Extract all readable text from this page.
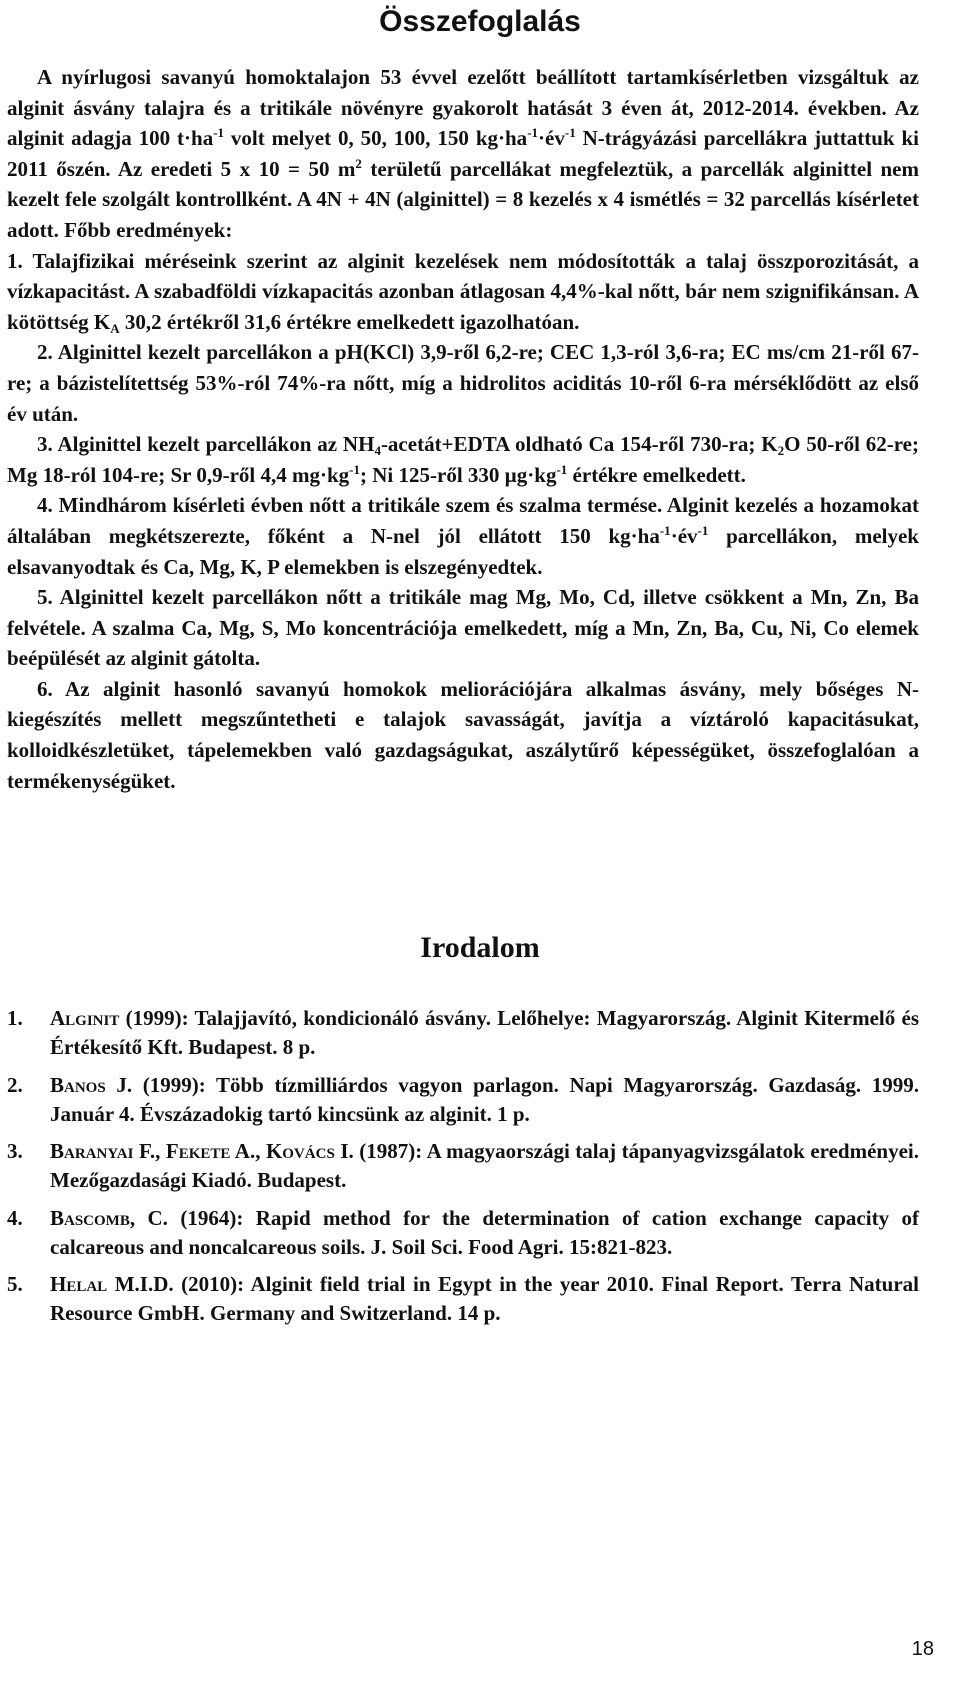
Összefoglalás

A nyírlugosi savanyú homoktalajon 53 évvel ezelőtt beállított tartamkísérletben vizsgáltuk az alginit ásvány talajra és a tritikále növényre gyakorolt hatását 3 éven át, 2012-2014. években. Az alginit adagja 100 $t\cdot ha^{-1}$ volt melyet 0, 50, 100, 150 $kg\cdot ha^{-1}\cdot év^{-1}$ N-trágyázási parcellákra juttattuk ki 2011 őszén. Az eredeti 5 x 10 = 50 $m^2$ területű parcellákat megfeleztük, a parcellák alginittel nem kezelt fele szolgált kontrollként. A 4N + 4N (alginittel) = 8 kezelés x 4 ismétlés = 32 parcellás kísérletet adott. Főbb eredmények:

1. Talajfizikai méréseink szerint az alginit kezelések nem módosították a talaj összporozitását, a vízkapacitást. A szabadföldi vízkapacitás azonban átlagosan 4,4%-kal nőtt, bár nem szignifikánsan. A kötöttség $K_A$ 30,2 értékről 31,6 értékre emelkedett igazolhatóan.

2. Alginittel kezelt parcellákon a pH(KCl) 3,9-ről 6,2-re; CEC 1,3-ról 3,6-ra; EC ms/cm 21-ről 67-re; a bázistelítettség 53%-ról 74%-ra nőtt, míg a hidrolitos aciditás 10-ről 6-ra mérséklődött az első év után.

3. Alginittel kezelt parcellákon az $NH_4-acetát+EDTA$ oldható Ca 154-ről 730-ra; $K_2O$ 50-ről 62-re; Mg 18-ról 104-re; Sr 0,9-ről 4,4 $mg\cdot kg^{-1}$; Ni 125-ről 330 $\mu g\cdot kg^{-1}$ értékre emelkedett.

4. Mindhárom kísérleti évben nőtt a tritikále szem és szalma termése. Alginit kezelés a hozamokat általában megkétszerezte, főként a N-nel jól ellátott 150 $kg\cdot ha^{-1}\cdot év^{-1}$ parcellákon, melyek elsavanyodtak és Ca, Mg, K, P elemekben is elszegényedtek.

5. Alginittel kezelt parcellákon nőtt a tritikále mag Mg, Mo, Cd, illetve csökkent a Mn, Zn, Ba felvétele. A szalma Ca, Mg, S, Mo koncentrációja emelkedett, míg a Mn, Zn, Ba, Cu, Ni, Co elemek beépülését az alginit gátolta.

6. Az alginit hasonló savanyú homokok meliorációjára alkalmas ásvány, mely bőséges N-kiegészítés mellett megszűntetheti e talajok savasságát, javítja a víztároló kapacitásukat, kolloidkészletüket, tápelemekben való gazdagságukat, aszálytűrő képességüket, összefoglalóan a termékenységüket.

Irodalom
1. Alginit (1999): Talajjavító, kondicionáló ásvány. Lelőhelye: Magyarország. Alginit Kitermelő és Értékesítő Kft. Budapest. 8 p.
2. Banos J. (1999): Több tízmilliárdos vagyon parlagon. Napi Magyarország. Gazdaság. 1999. Január 4. Évszázadokig tartó kincsünk az alginit. 1 p.
3. Baranyai F., Fekete A., Kovács I. (1987): A magyaországi talaj tápanyagvizsgálatok eredményei. Mezőgazdasági Kiadó. Budapest.
4. Bascomb, C. (1964): Rapid method for the determination of cation exchange capacity of calcareous and noncalcareous soils. J. Soil Sci. Food Agri. 15:821-823.
5. Helal M.I.D. (2010): Alginit field trial in Egypt in the year 2010. Final Report. Terra Natural Resource GmbH. Germany and Switzerland. 14 p.
18
